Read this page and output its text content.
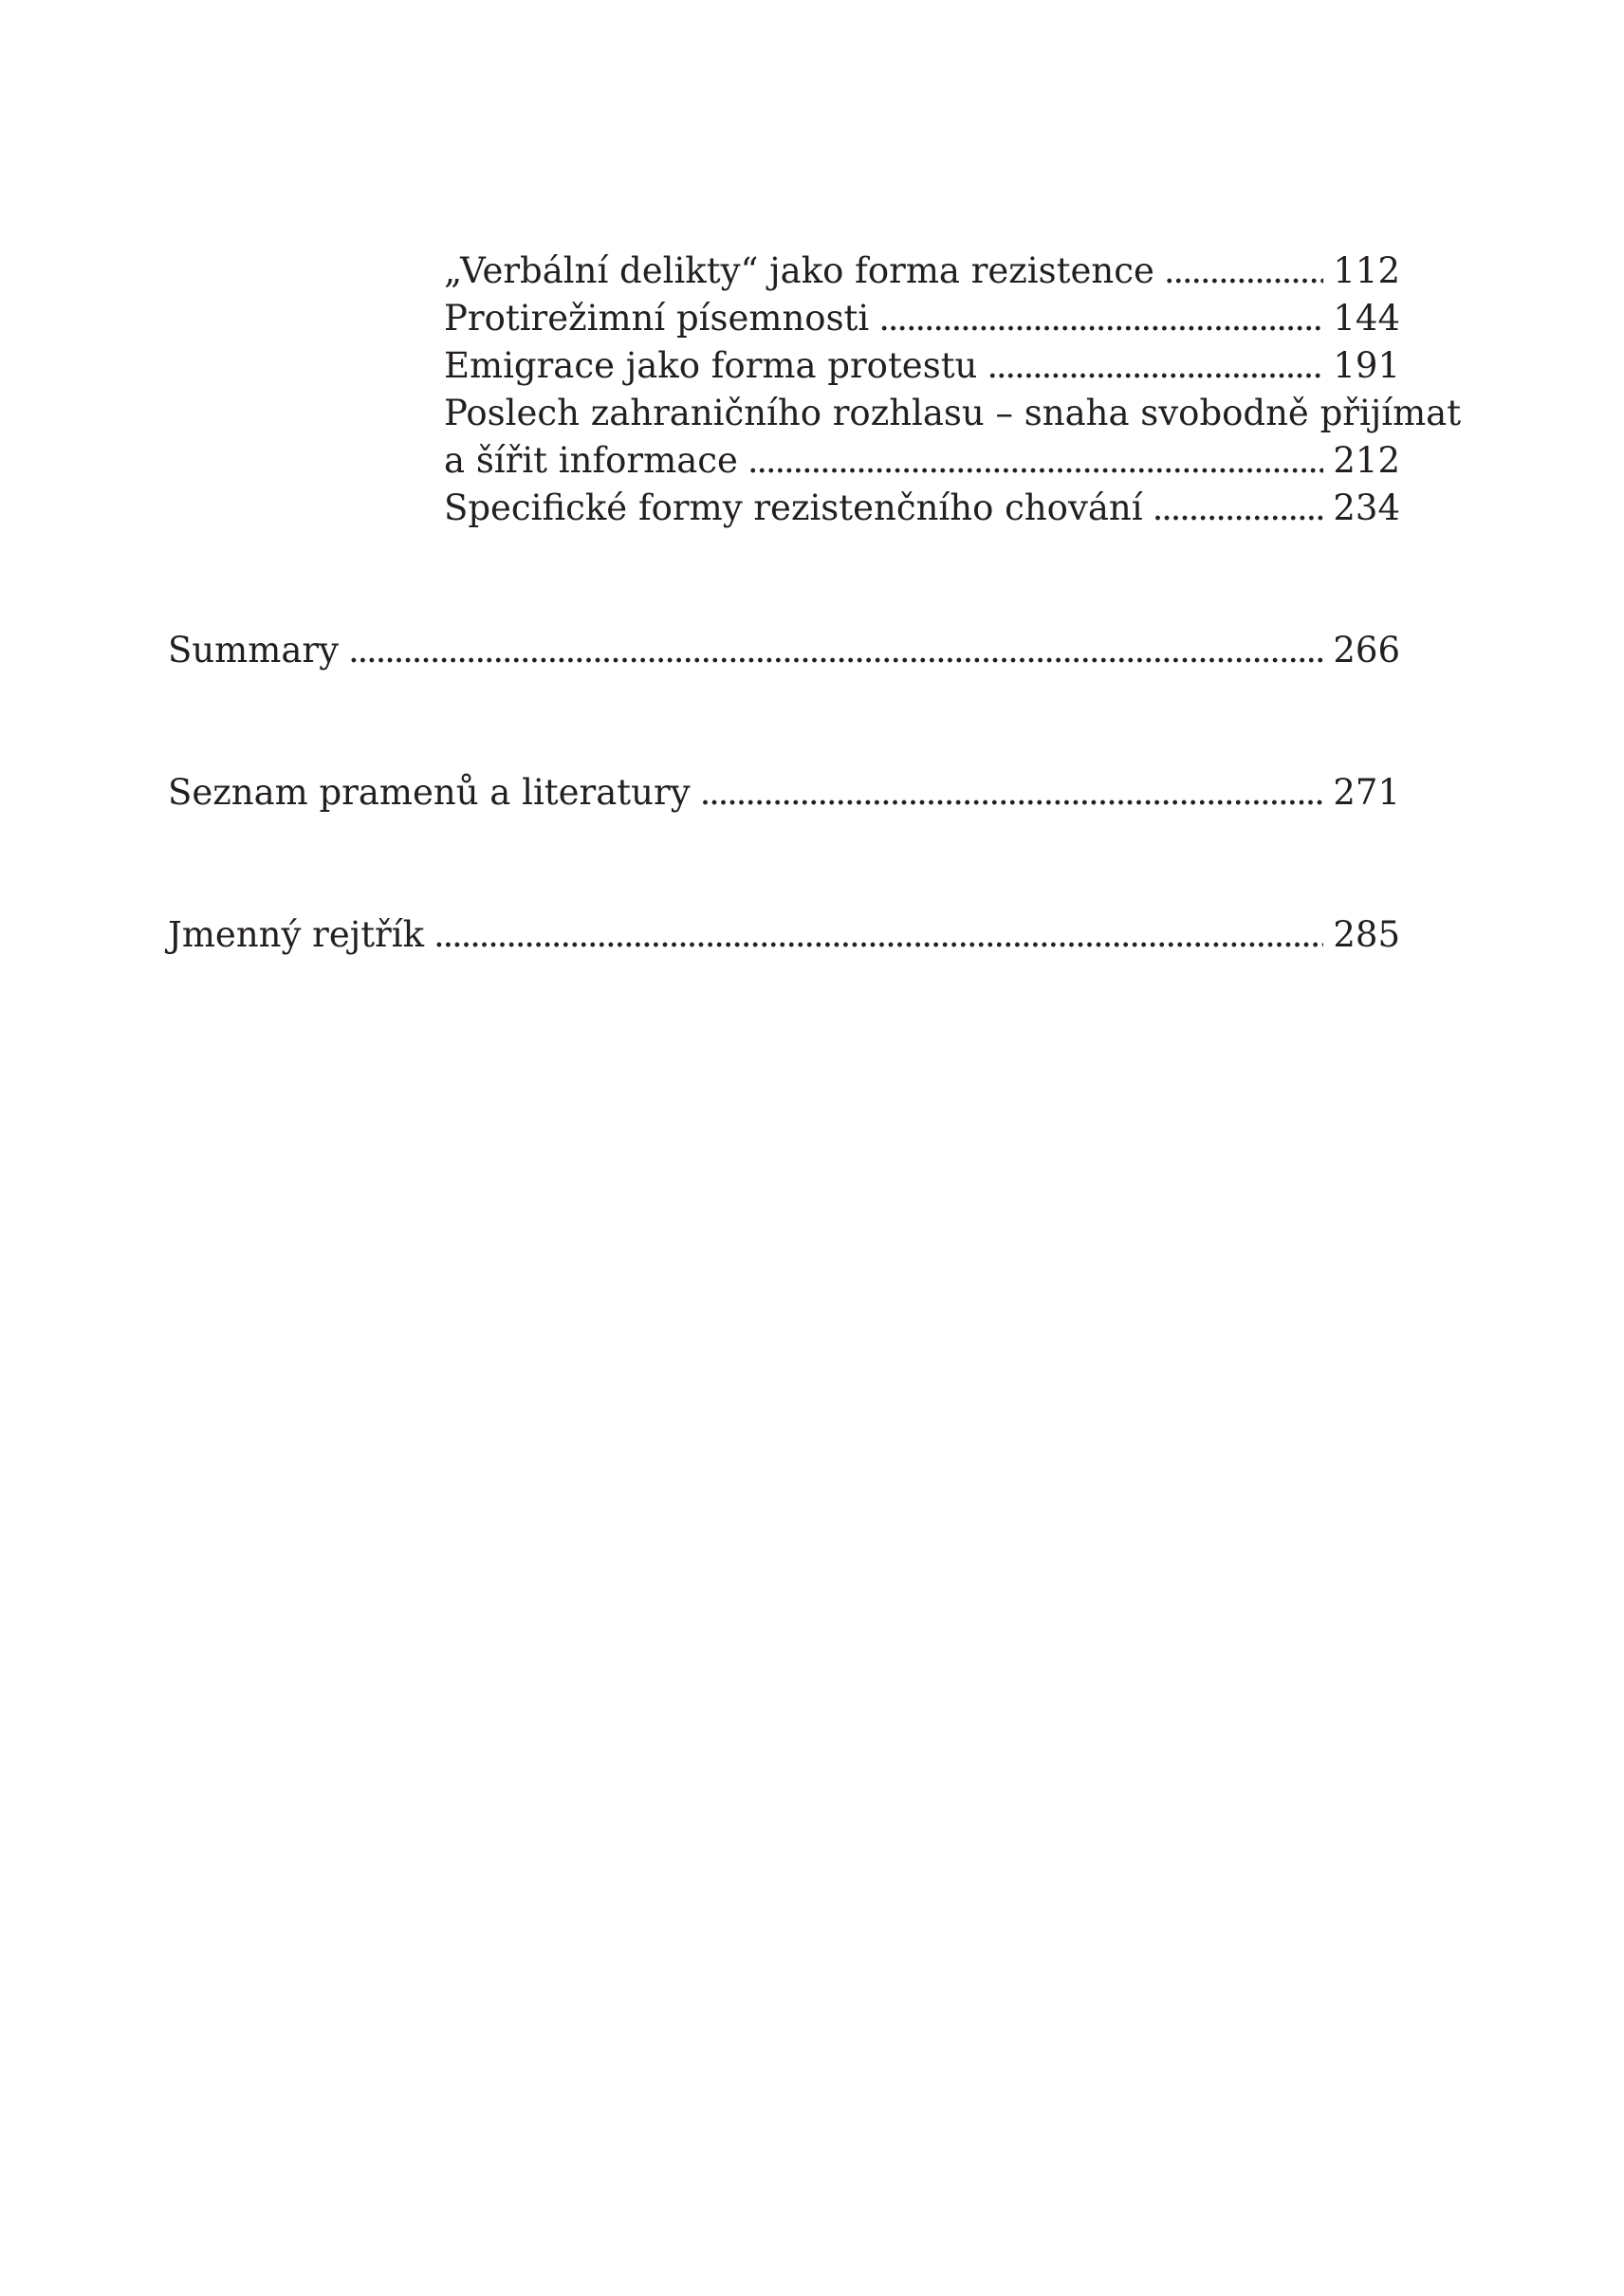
„Verbální delikty“ jako forma rezistence . . .	112
Protirežimní písemnosti . . .	144
Emigrace jako forma protestu . . .	191
Poslech zahraničního rozhlasu – snaha svobodně přijímat
a šířit informace . . .	212
Specifické formy rezistenčního chování . . .	234
Summary . . .	266
Seznam pramenů a literatury . . .	271
Jmenný rejtřík . . .	285
